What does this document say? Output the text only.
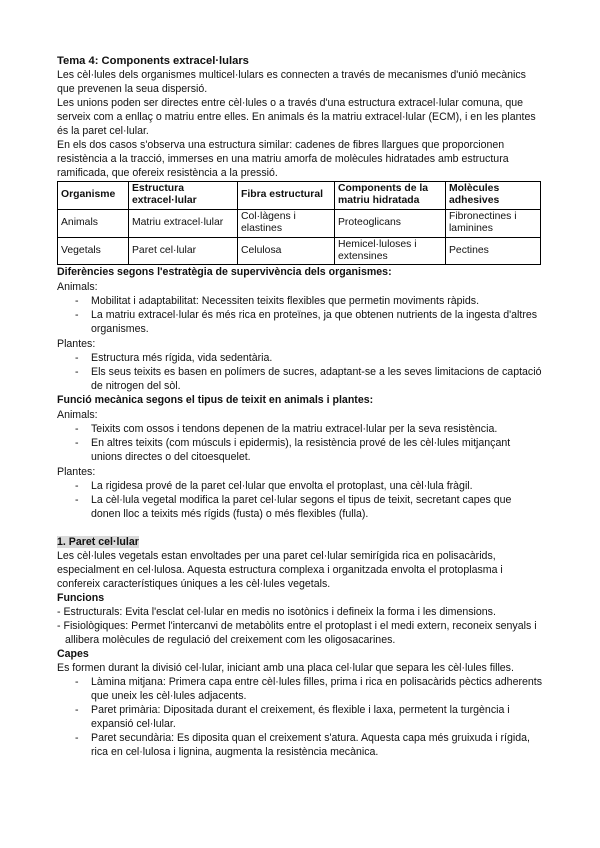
Tema 4: Components extracel·lulars

Les cèl·lules dels organismes multicel·lulars es connecten a través de mecanismes d'unió mecànics que prevenen la seua dispersió.

Les unions poden ser directes entre cèl·lules o a través d'una estructura extracel·lular comuna, que serveix com a enllaç o matriu entre elles. En animals és la matriu extracel·lular (ECM), i en les plantes és la paret cel·lular.

En els dos casos s'observa una estructura similar: cadenes de fibres llargues que proporcionen resistència a la tracció, immerses en una matriu amorfa de molècules hidratades amb estructura ramificada, que ofereix resistència a la pressió.

Organisme	Estructura extracel·lular	Fibra estructural	Components de la matriu hidratada	Molècules adhesives
Animals	Matriu extracel·lular	Col·làgens i elastines	Proteoglicans	Fibronectines i laminines
Vegetals	Paret cel·lular	Celulosa	Hemicel·luloses i extensines	Pectines

Diferències segons l'estratègia de supervivència dels organismes:

Animals:

- Mobilitat i adaptabilitat: Necessiten teixits flexibles que permetin moviments ràpids.
- La matriu extracel·lular és més rica en proteïnes, ja que obtenen nutrients de la ingesta d'altres organismes.

Plantes:

- Estructura més rígida, vida sedentària.
- Els seus teixits es basen en polímers de sucres, adaptant-se a les seves limitacions de captació de nitrogen del sòl.

Funció mecànica segons el tipus de teixit en animals i plantes:

Animals:

- Teixits com ossos i tendons depenen de la matriu extracel·lular per la seva resistència.
- En altres teixits (com músculs i epidermis), la resistència prové de les cèl·lules mitjançant unions directes o del citoesquelet.

Plantes:

- La rigidesa prové de la paret cel·lular que envolta el protoplast, una cèl·lula fràgil.
- La cèl·lula vegetal modifica la paret cel·lular segons el tipus de teixit, secretant capes que donen lloc a teixits més rígids (fusta) o més flexibles (fulla).

1. Paret cel·lular

Les cèl·lules vegetals estan envoltades per una paret cel·lular semirígida rica en polisacàrids, especialment en cel·lulosa. Aquesta estructura complexa i organitzada envolta el protoplasma i confereix característiques úniques a les cèl·lules vegetals.

Funcions

- Estructurals: Evita l'esclat cel·lular en medis no isotònics i defineix la forma i les dimensions.

- Fisiològiques: Permet l'intercanvi de metabòlits entre el protoplast i el medi extern, reconeix senyals i allibera molècules de regulació del creixement com les oligosacarines.

Capes

Es formen durant la divisió cel·lular, iniciant amb una placa cel·lular que separa les cèl·lules filles.

- Làmina mitjana: Primera capa entre cèl·lules filles, prima i rica en polisacàrids pèctics adherents que uneix les cèl·lules adjacents.
- Paret primària: Dipositada durant el creixement, és flexible i laxa, permetent la turgència i expansió cel·lular.
- Paret secundària: Es diposita quan el creixement s'atura. Aquesta capa més gruixuda i rígida, rica en cel·lulosa i lignina, augmenta la resistència mecànica.
